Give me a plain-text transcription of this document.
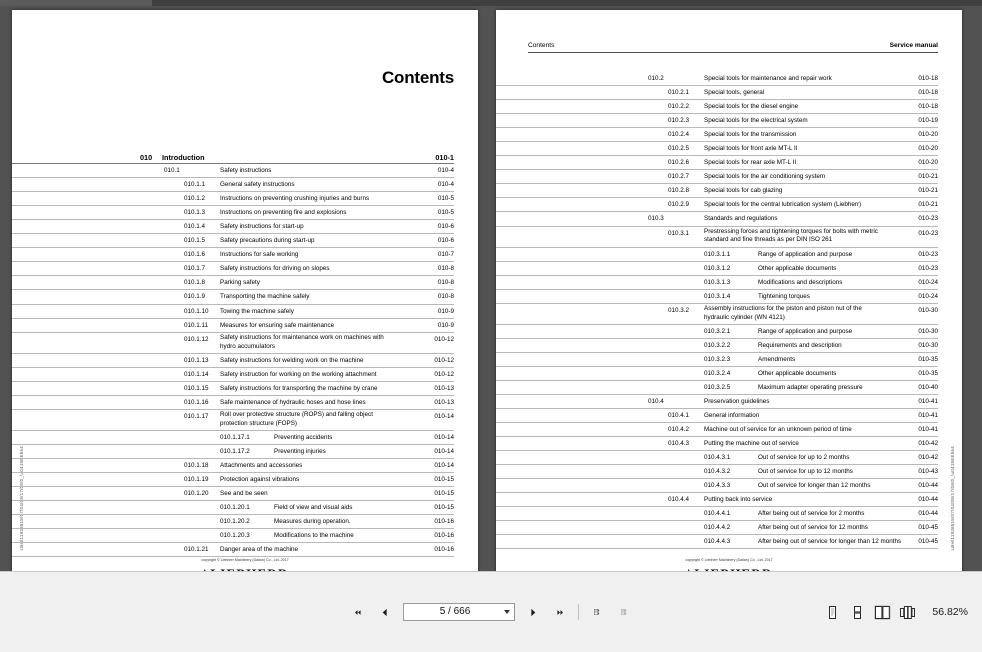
LBH/11938515/07/04/08/17/08/0_\u0415ЕЕ564
Contents
010 Introduction	010-1
010.1	Safety instructions	010-4
010.1.1 General safety instructions	010-4
010.1.2 Instructions on preventing crushing injuries and burns	010-5
010.1.3 Instructions on preventing fire and explosions	010-5
010.1.4 Safety instructions for start-up	010-6
010.1.5 Safety precautions during start-up	010-6
010.1.6 Instructions for safe working	010-7
010.1.7 Safety instructions for driving on slopes	010-8
010.1.8 Parking safety	010-8
010.1.9 Transporting the machine safely	010-8
010.1.10 Towing the machine safely	010-9
010.1.11 Measures for ensuring safe maintenance	010-9
010.1.12 Safety instructions for maintenance work on machines with hydro accumulators
010-12
010.1.13 Safety instructions for welding work on the machine	010-12
010.1.14 Safety instruction for working on the working attachment	010-12
010.1.15 Safety instructions for transporting the machine by crane	010-13
010.1.16 Safe maintenance of hydraulic hoses and hose lines	010-13
010.1.17 Roll over protective structure (ROPS) and falling object protection structure (FOPS)
010-14
010.1.17.1	Preventing accidents	010-14
010.1.17.2	Preventing injuries	010-14
010.1.18 Attachments and accessories	010-14
010.1.19 Protection against vibrations	010-15
010.1.20 See and be seen	010-15
010.1.20.1	Field of view and visual aids	010-15
010.1.20.2	Measures during operation.	010-16
010.1.20.3	Modifications to the machine	010-16
010.1.21 Danger area of the machine	010-16
copyright © Liebherr Machinery (Dalian) Co., Ltd. 2017
LBH/11938515/07/04/08/17/08/0_\u0415ЕЕ564
Contents	Service manual
010.2	Special tools for maintenance and repair work	010-18
010.2.1 Special tools, general	010-18
010.2.2 Special tools for the diesel engine	010-18
010.2.3 Special tools for the electrical system	010-19
010.2.4 Special tools for the transmission	010-20
010.2.5 Special tools for front axle MT-L II	010-20
010.2.6 Special tools for rear axle MT-L II	010-20
010.2.7 Special tools for the air conditioning system	010-21
010.2.8 Special tools for cab glazing	010-21
010.2.9 Special tools for the central lubrication system (Liebherr)	010-21
010.3	Standards and regulations	010-23
010.3.1 Prestressing forces and tightening torques for bolts with metric standard and fine threads as per DIN ISO 261
010-23
010.3.1.1	Range of application and purpose	010-23
010.3.1.2	Other applicable documents	010-23
010.3.1.3	Modifications and descriptions	010-24
010.3.1.4	Tightening torques	010-24
010.3.2 Assembly instructions for the piston and piston nut of the hydraulic cylinder (WN 4121)
010-30
010.3.2.1	Range of application and purpose	010-30
010.3.2.2	Requirements and description	010-30
010.3.2.3	Amendments	010-35
010.3.2.4	Other applicable documents	010-35
010.3.2.5	Maximum adapter operating pressure	010-40
010.4	Preservation guidelines	010-41
010.4.1 General information	010-41
010.4.2 Machine out of service for an unknown period of time	010-41
010.4.3 Putting the machine out of service	010-42
010.4.3.1	Out of service for up to 2 months	010-42
010.4.3.2	Out of service for up to 12 months	010-43
010.4.3.3	Out of service for longer than 12 months	010-44
010.4.4 Putting back into service	010-44
010.4.4.1	After being out of service for 2 months	010-44
010.4.4.2	After being out of service for 12 months	010-45
010.4.4.3	After being out of service for longer than 12 months	010-45
copyright © Liebherr Machinery (Dalian) Co., Ltd. 2017
5 / 666	56.82%
